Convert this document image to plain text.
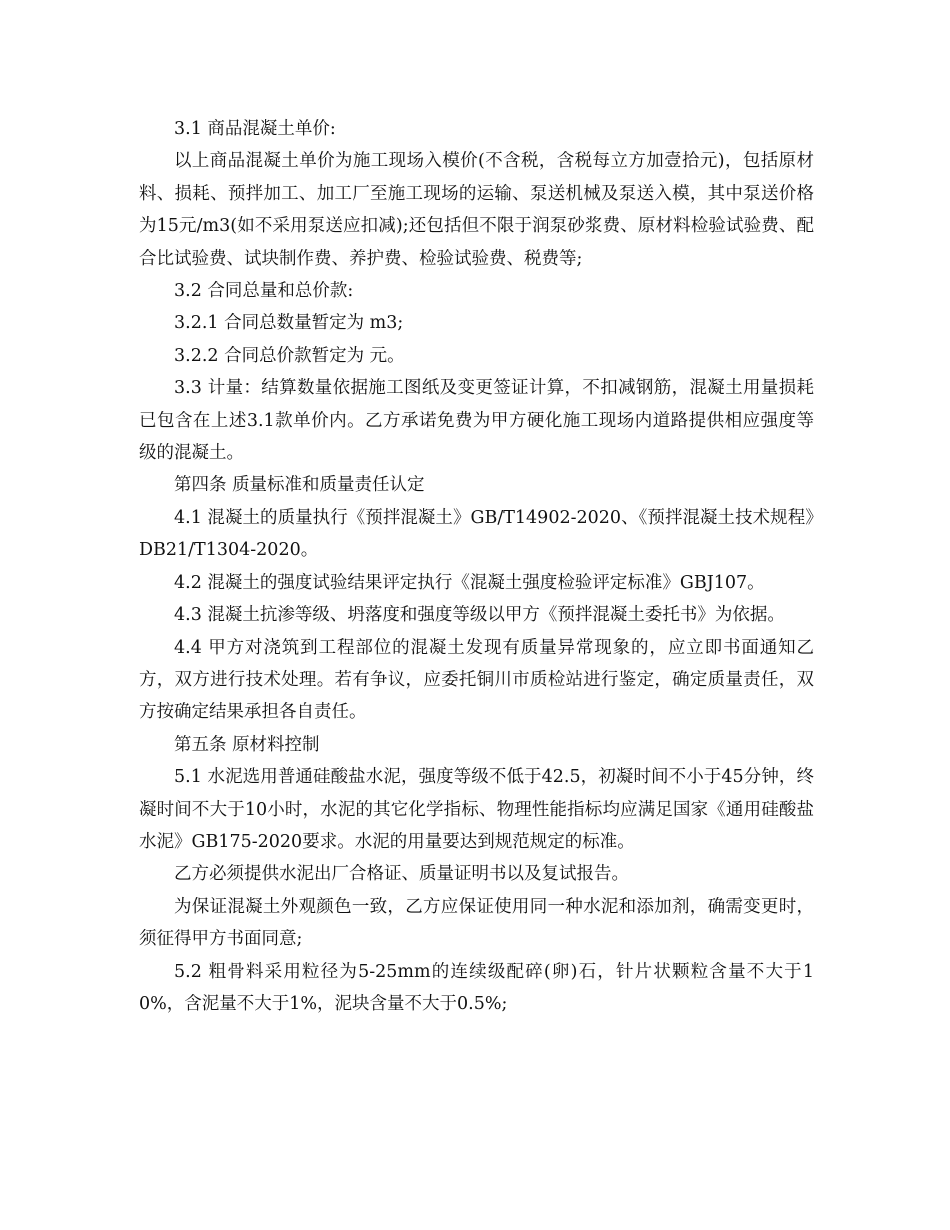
3.1 商品混凝土单价:

以上商品混凝土单价为施工现场入模价(不含税，含税每立方加壹拾元)，包括原材料、损耗、预拌加工、加工厂至施工现场的运输、泵送机械及泵送入模，其中泵送价格为15元/m3(如不采用泵送应扣减);还包括但不限于润泵砂浆费、原材料检验试验费、配合比试验费、试块制作费、养护费、检验试验费、税费等;

3.2 合同总量和总价款:

3.2.1 合同总数量暂定为 m3;

3.2.2 合同总价款暂定为 元。

3.3 计量：结算数量依据施工图纸及变更签证计算，不扣减钢筋，混凝土用量损耗已包含在上述3.1款单价内。乙方承诺免费为甲方硬化施工现场内道路提供相应强度等级的混凝土。

第四条 质量标准和质量责任认定

4.1 混凝土的质量执行《预拌混凝土》GB/T14902-2020、《预拌混凝土技术规程》DB21/T1304-2020。

4.2 混凝土的强度试验结果评定执行《混凝土强度检验评定标准》GBJ107。

4.3 混凝土抗渗等级、坍落度和强度等级以甲方《预拌混凝土委托书》为依据。

4.4 甲方对浇筑到工程部位的混凝土发现有质量异常现象的，应立即书面通知乙方，双方进行技术处理。若有争议，应委托铜川市质检站进行鉴定，确定质量责任，双方按确定结果承担各自责任。

第五条 原材料控制

5.1 水泥选用普通硅酸盐水泥，强度等级不低于42.5，初凝时间不小于45分钟，终凝时间不大于10小时，水泥的其它化学指标、物理性能指标均应满足国家《通用硅酸盐水泥》GB175-2020要求。水泥的用量要达到规范规定的标准。

乙方必须提供水泥出厂合格证、质量证明书以及复试报告。

为保证混凝土外观颜色一致，乙方应保证使用同一种水泥和添加剂，确需变更时，须征得甲方书面同意;

5.2 粗骨料采用粒径为5-25mm的连续级配碎(卵)石，针片状颗粒含量不大于10%，含泥量不大于1%，泥块含量不大于0.5%;
